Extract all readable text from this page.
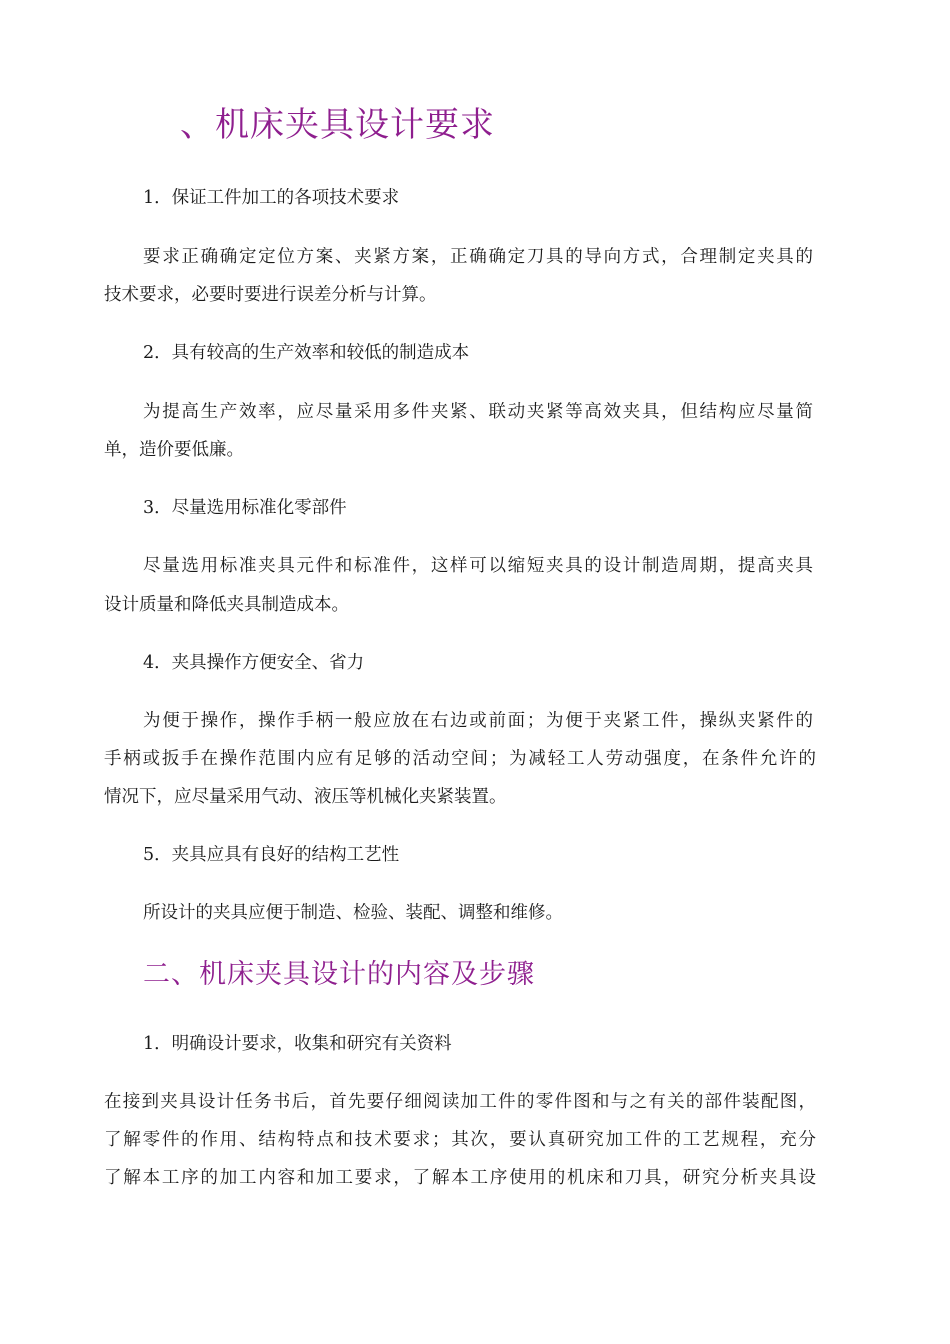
、机床夹具设计要求
1．保证工件加工的各项技术要求
要求正确确定定位方案、夹紧方案，正确确定刀具的导向方式，合理制定夹具的
技术要求，必要时要进行误差分析与计算。
2．具有较高的生产效率和较低的制造成本
为提高生产效率，应尽量采用多件夹紧、联动夹紧等高效夹具，但结构应尽量简
单，造价要低廉。
3．尽量选用标准化零部件
尽量选用标准夹具元件和标准件，这样可以缩短夹具的设计制造周期，提高夹具
设计质量和降低夹具制造成本。
4．夹具操作方便安全、省力
为便于操作，操作手柄一般应放在右边或前面；为便于夹紧工件，操纵夹紧件的
手柄或扳手在操作范围内应有足够的活动空间；为减轻工人劳动强度，在条件允许的
情况下，应尽量采用气动、液压等机械化夹紧装置。
5．夹具应具有良好的结构工艺性
所设计的夹具应便于制造、检验、装配、调整和维修。
二、机床夹具设计的内容及步骤
1．明确设计要求，收集和研究有关资料
在接到夹具设计任务书后，首先要仔细阅读加工件的零件图和与之有关的部件装配图，
了解零件的作用、结构特点和技术要求；其次，要认真研究加工件的工艺规程，充分
了解本工序的加工内容和加工要求，了解本工序使用的机床和刀具，研究分析夹具设
